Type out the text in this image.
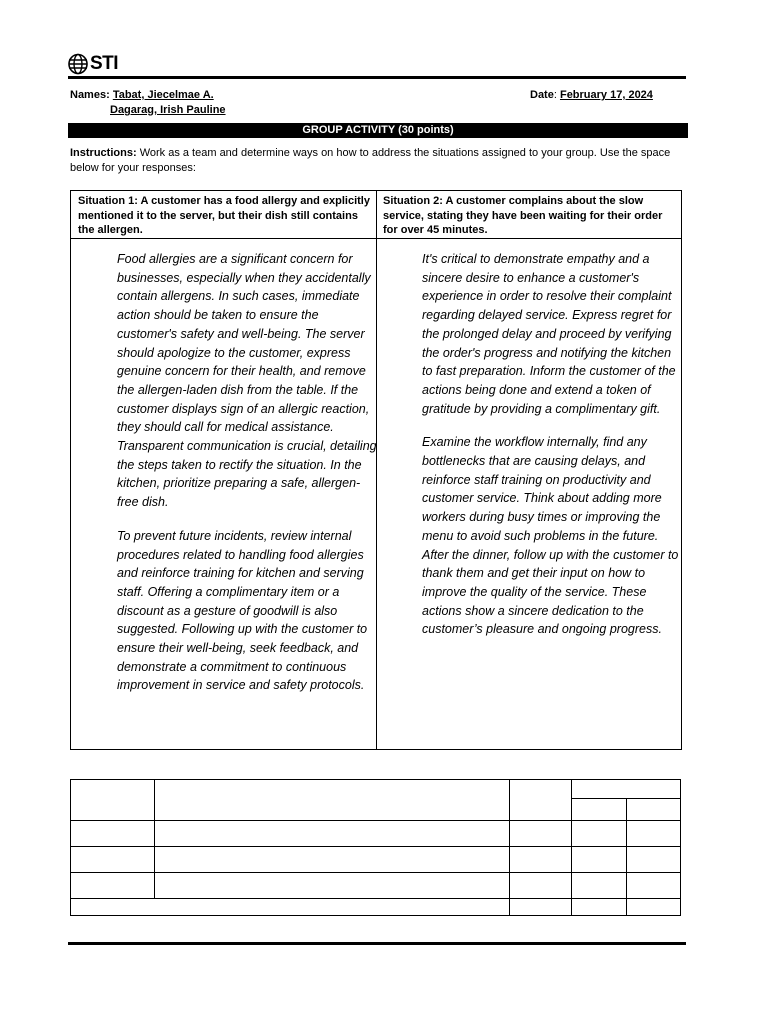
STI
Names: Tabat, Jiecelmae A.
Dagarag, Irish Pauline
Date: February 17, 2024
GROUP ACTIVITY (30 points)
Instructions: Work as a team and determine ways on how to address the situations assigned to your group. Use the space below for your responses:
Situation 1: A customer has a food allergy and explicitly mentioned it to the server, but their dish still contains the allergen.
Situation 2: A customer complains about the slow service, stating they have been waiting for their order for over 45 minutes.

Food allergies are a significant concern for businesses, especially when they accidentally contain allergens. In such cases, immediate action should be taken to ensure the customer's safety and well-being. The server should apologize to the customer, express genuine concern for their health, and remove the allergen-laden dish from the table. If the customer displays sign of an allergic reaction, they should call for medical assistance. Transparent communication is crucial, detailing the steps taken to rectify the situation. In the kitchen, prioritize preparing a safe, allergen-free dish.

To prevent future incidents, review internal procedures related to handling food allergies and reinforce training for kitchen and serving staff. Offering a complimentary item or a discount as a gesture of goodwill is also suggested. Following up with the customer to ensure their well-being, seek feedback, and demonstrate a commitment to continuous improvement in service and safety protocols.

It's critical to demonstrate empathy and a sincere desire to enhance a customer's experience in order to resolve their complaint regarding delayed service. Express regret for the prolonged delay and proceed by verifying the order's progress and notifying the kitchen to fast preparation. Inform the customer of the actions being done and extend a token of gratitude by providing a complimentary gift.

Examine the workflow internally, find any bottlenecks that are causing delays, and reinforce staff training on productivity and customer service. Think about adding more workers during busy times or improving the menu to avoid such problems in the future. After the dinner, follow up with the customer to thank them and get their input on how to improve the quality of the service. These actions show a sincere dedication to the customer’s pleasure and ongoing progress.
